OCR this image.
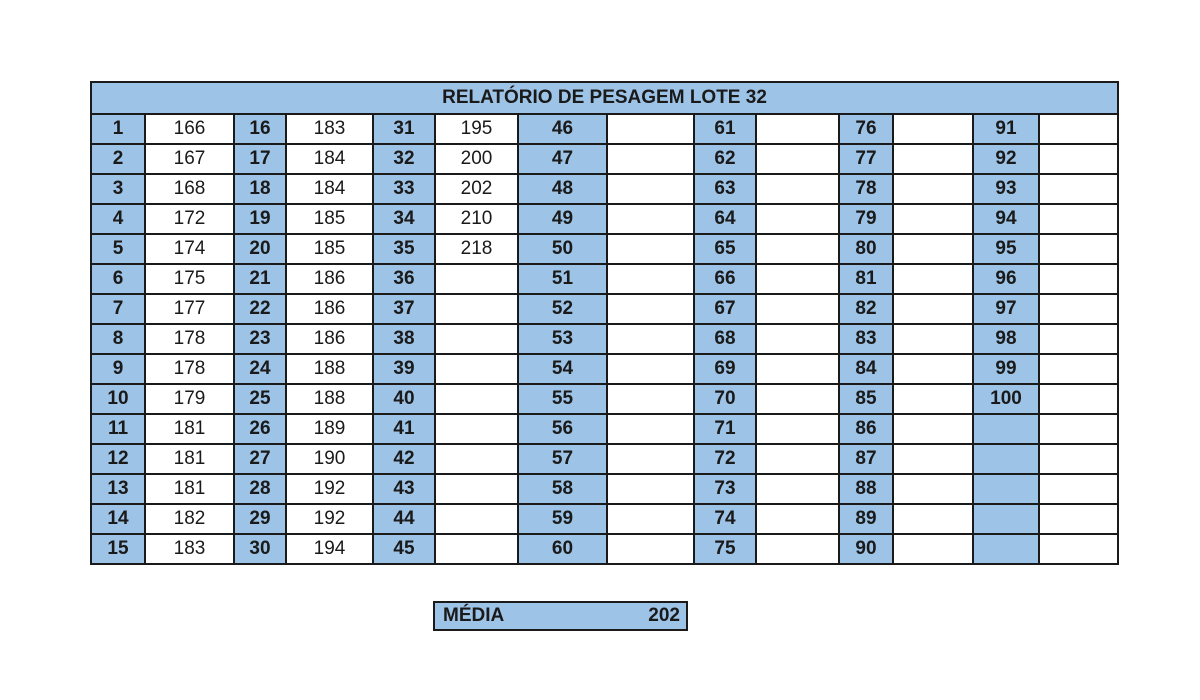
RELATÓRIO DE PESAGEM LOTE 32													
1	166	16	183	31	195	46		61		76		91	
2	167	17	184	32	200	47		62		77		92	
3	168	18	184	33	202	48		63		78		93	
4	172	19	185	34	210	49		64		79		94	
5	174	20	185	35	218	50		65		80		95	
6	175	21	186	36		51		66		81		96	
7	177	22	186	37		52		67		82		97	
8	178	23	186	38		53		68		83		98	
9	178	24	188	39		54		69		84		99	
10	179	25	188	40		55		70		85		100	
11	181	26	189	41		56		71		86			
12	181	27	190	42		57		72		87			
13	181	28	192	43		58		73		88			
14	182	29	192	44		59		74		89			
15	183	30	194	45		60		75		90			
MÉDIA	202
